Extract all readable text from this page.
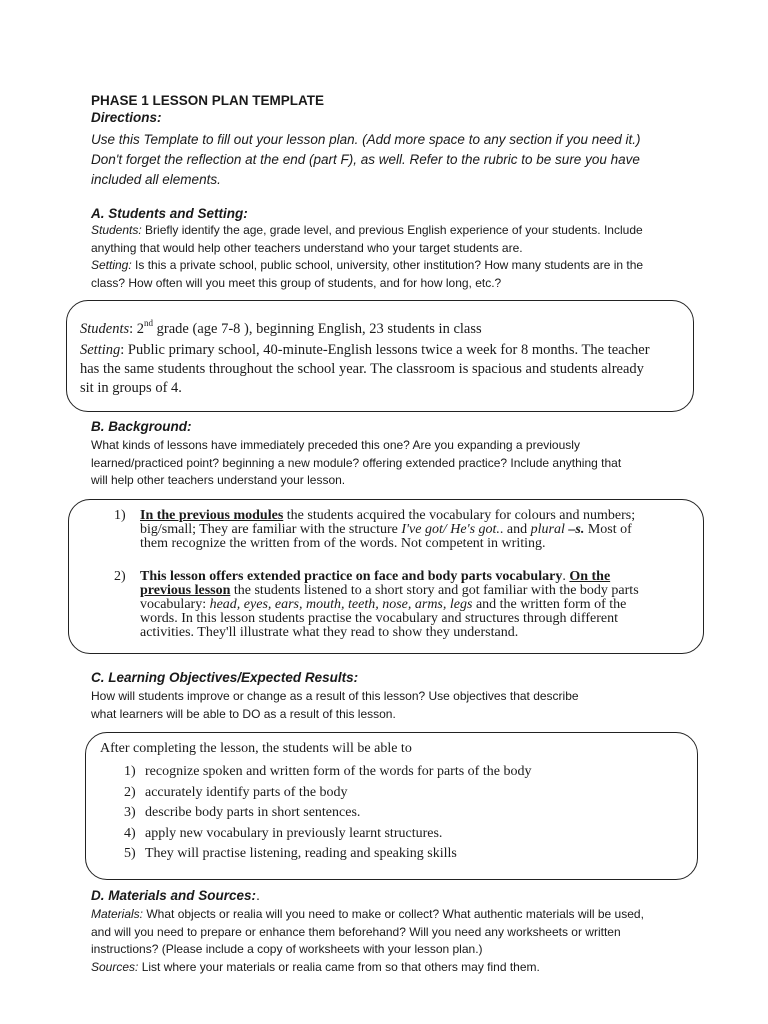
PHASE 1 LESSON PLAN TEMPLATE
Directions:
Use this Template to fill out your lesson plan. (Add more space to any section if you need it.)
Don't forget the reflection at the end (part F), as well. Refer to the rubric to be sure you have
included all elements.
A. Students and Setting:
Students: Briefly identify the age, grade level, and previous English experience of your students. Include
anything that would help other teachers understand who your target students are.
Setting: Is this a private school, public school, university, other institution? How many students are in the
class? How often will you meet this group of students, and for how long, etc.?
Students: 2nd grade (age 7-8 ), beginning English, 23 students in class
Setting: Public primary school, 40-minute-English lessons twice a week for 8 months. The teacher
has the same students throughout the school year. The classroom is spacious and students already
sit in groups of 4.
B. Background:
What kinds of lessons have immediately preceded this one? Are you expanding a previously
learned/practiced point? beginning a new module? offering extended practice? Include anything that
will help other teachers understand your lesson.
1)	In the previous modules the students acquired the vocabulary for colours and numbers;
big/small; They are familiar with the structure I've got/ He's got.. and plural –s. Most of
them recognize the written from of the words. Not competent in writing.
2)	This lesson offers extended practice on face and body parts vocabulary. On the
previous lesson the students listened to a short story and got familiar with the body parts
vocabulary: head, eyes, ears, mouth, teeth, nose, arms, legs and the written form of the
words. In this lesson students practise the vocabulary and structures through different
activities. They'll illustrate what they read to show they understand.
C. Learning Objectives/Expected Results:
How will students improve or change as a result of this lesson? Use objectives that describe
what learners will be able to DO as a result of this lesson.
After completing the lesson, the students will be able to
1) recognize spoken and written form of the words for parts of the body
2) accurately identify parts of the body
3) describe body parts in short sentences.
4) apply new vocabulary in previously learnt structures.
5) They will practise listening, reading and speaking skills
D. Materials and Sources:.
Materials: What objects or realia will you need to make or collect? What authentic materials will be used,
and will you need to prepare or enhance them beforehand? Will you need any worksheets or written
instructions? (Please include a copy of worksheets with your lesson plan.)
Sources: List where your materials or realia came from so that others may find them.
